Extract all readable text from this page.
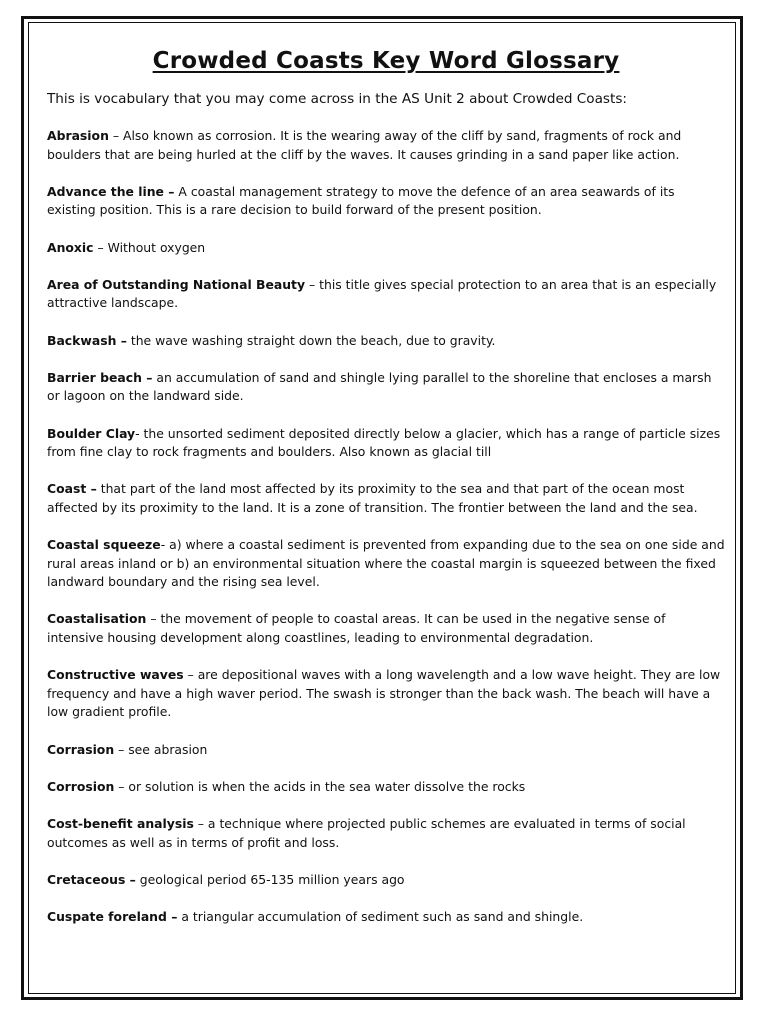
Crowded Coasts Key Word Glossary

This is vocabulary that you may come across in the AS Unit 2 about Crowded Coasts:

Abrasion – Also known as corrosion. It is the wearing away of the cliff by sand, fragments of rock and boulders that are being hurled at the cliff by the waves. It causes grinding in a sand paper like action.

Advance the line – A coastal management strategy to move the defence of an area seawards of its existing position. This is a rare decision to build forward of the present position.

Anoxic – Without oxygen

Area of Outstanding National Beauty – this title gives special protection to an area that is an especially attractive landscape.

Backwash – the wave washing straight down the beach, due to gravity.

Barrier beach – an accumulation of sand and shingle lying parallel to the shoreline that encloses a marsh or lagoon on the landward side.

Boulder Clay- the unsorted sediment deposited directly below a glacier, which has a range of particle sizes from fine clay to rock fragments and boulders. Also known as glacial till

Coast – that part of the land most affected by its proximity to the sea and that part of the ocean most affected by its proximity to the land. It is a zone of transition. The frontier between the land and the sea.

Coastal squeeze- a) where a coastal sediment is prevented from expanding due to the sea on one side and rural areas inland or b) an environmental situation where the coastal margin is squeezed between the fixed landward boundary and the rising sea level.

Coastalisation – the movement of people to coastal areas. It can be used in the negative sense of intensive housing development along coastlines, leading to environmental degradation.

Constructive waves – are depositional waves with a long wavelength and a low wave height. They are low frequency and have a high waver period. The swash is stronger than the back wash. The beach will have a low gradient profile.

Corrasion – see abrasion

Corrosion – or solution is when the acids in the sea water dissolve the rocks

Cost-benefit analysis – a technique where projected public schemes are evaluated in terms of social outcomes as well as in terms of profit and loss.

Cretaceous – geological period 65-135 million years ago

Cuspate foreland – a triangular accumulation of sediment such as sand and shingle.
